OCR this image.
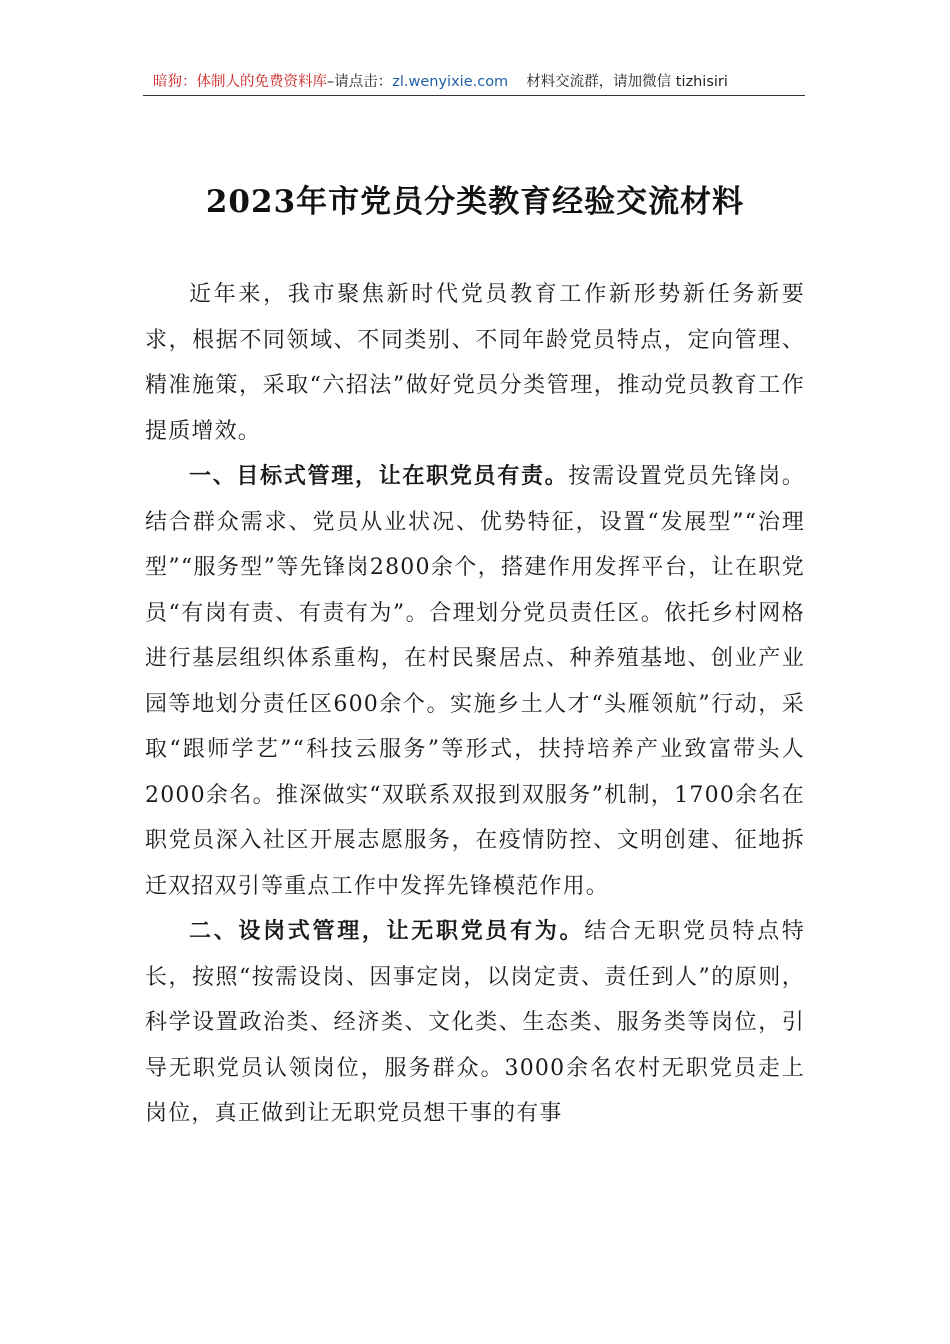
暗狗：体制人的免费资料库 –请点击： zl.wenyixie.com 材料交流群，请加微信 tizhisiri
2023年市党员分类教育经验交流材料

近年来，我市聚焦新时代党员教育工作新形势新任务新要求，根据不同领域、不同类别、不同年龄党员特点，定向管理、精准施策，采取“六招法”做好党员分类管理，推动党员教育工作提质增效。

一、目标式管理，让在职党员有责。按需设置党员先锋岗。结合群众需求、党员从业状况、优势特征，设置“发展型”“治理型”“服务型”等先锋岗2800余个，搭建作用发挥平台，让在职党员“有岗有责、有责有为”。合理划分党员责任区。依托乡村网格进行基层组织体系重构，在村民聚居点、种养殖基地、创业产业园等地划分责任区600余个。实施乡土人才“头雁领航”行动，采取“跟师学艺”“科技云服务”等形式，扶持培养产业致富带头人2000余名。推深做实“双联系双报到双服务”机制，1700余名在职党员深入社区开展志愿服务，在疫情防控、文明创建、征地拆迁双招双引等重点工作中发挥先锋模范作用。

二、设岗式管理，让无职党员有为。结合无职党员特点特长，按照“按需设岗、因事定岗，以岗定责、责任到人”的原则，科学设置政治类、经济类、文化类、生态类、服务类等岗位，引导无职党员认领岗位，服务群众。3000余名农村无职党员走上岗位，真正做到让无职党员想干事的有事
